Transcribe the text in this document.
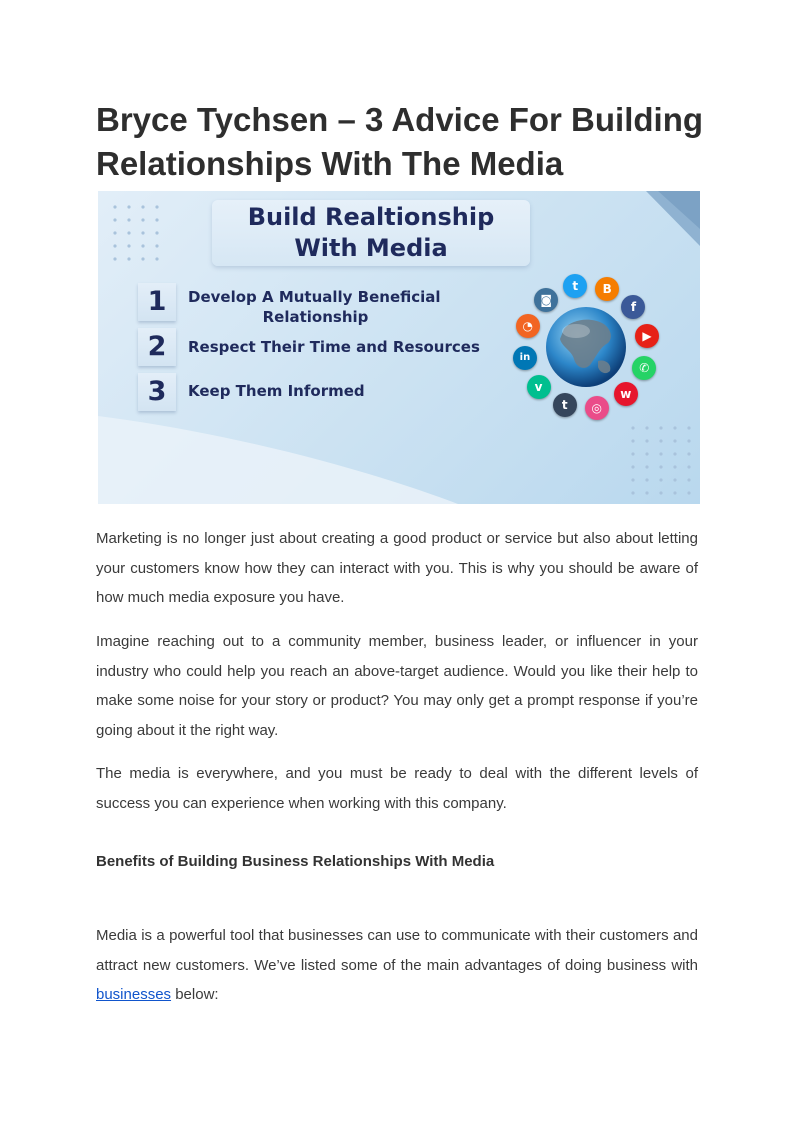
Bryce Tychsen – 3 Advice For Building Relationships With The Media
Build Realtionship
With Media
1	Develop A Mutually Beneficial
Relationship
2	Respect Their Time and Resources
3	Keep Them Informed
t	B
f
▶
✆
w
◎
t
v
in
◔
◙

Marketing is no longer just about creating a good product or service but also about letting your customers know how they can interact with you. This is why you should be aware of how much media exposure you have.

Imagine reaching out to a community member, business leader, or influencer in your industry who could help you reach an above-target audience. Would you like their help to make some noise for your story or product? You may only get a prompt response if you’re going about it the right way.

The media is everywhere, and you must be ready to deal with the different levels of success you can experience when working with this company.

Benefits of Building Business Relationships With Media

Media is a powerful tool that businesses can use to communicate with their customers and attract new customers. We’ve listed some of the main advantages of doing business with businesses below:
